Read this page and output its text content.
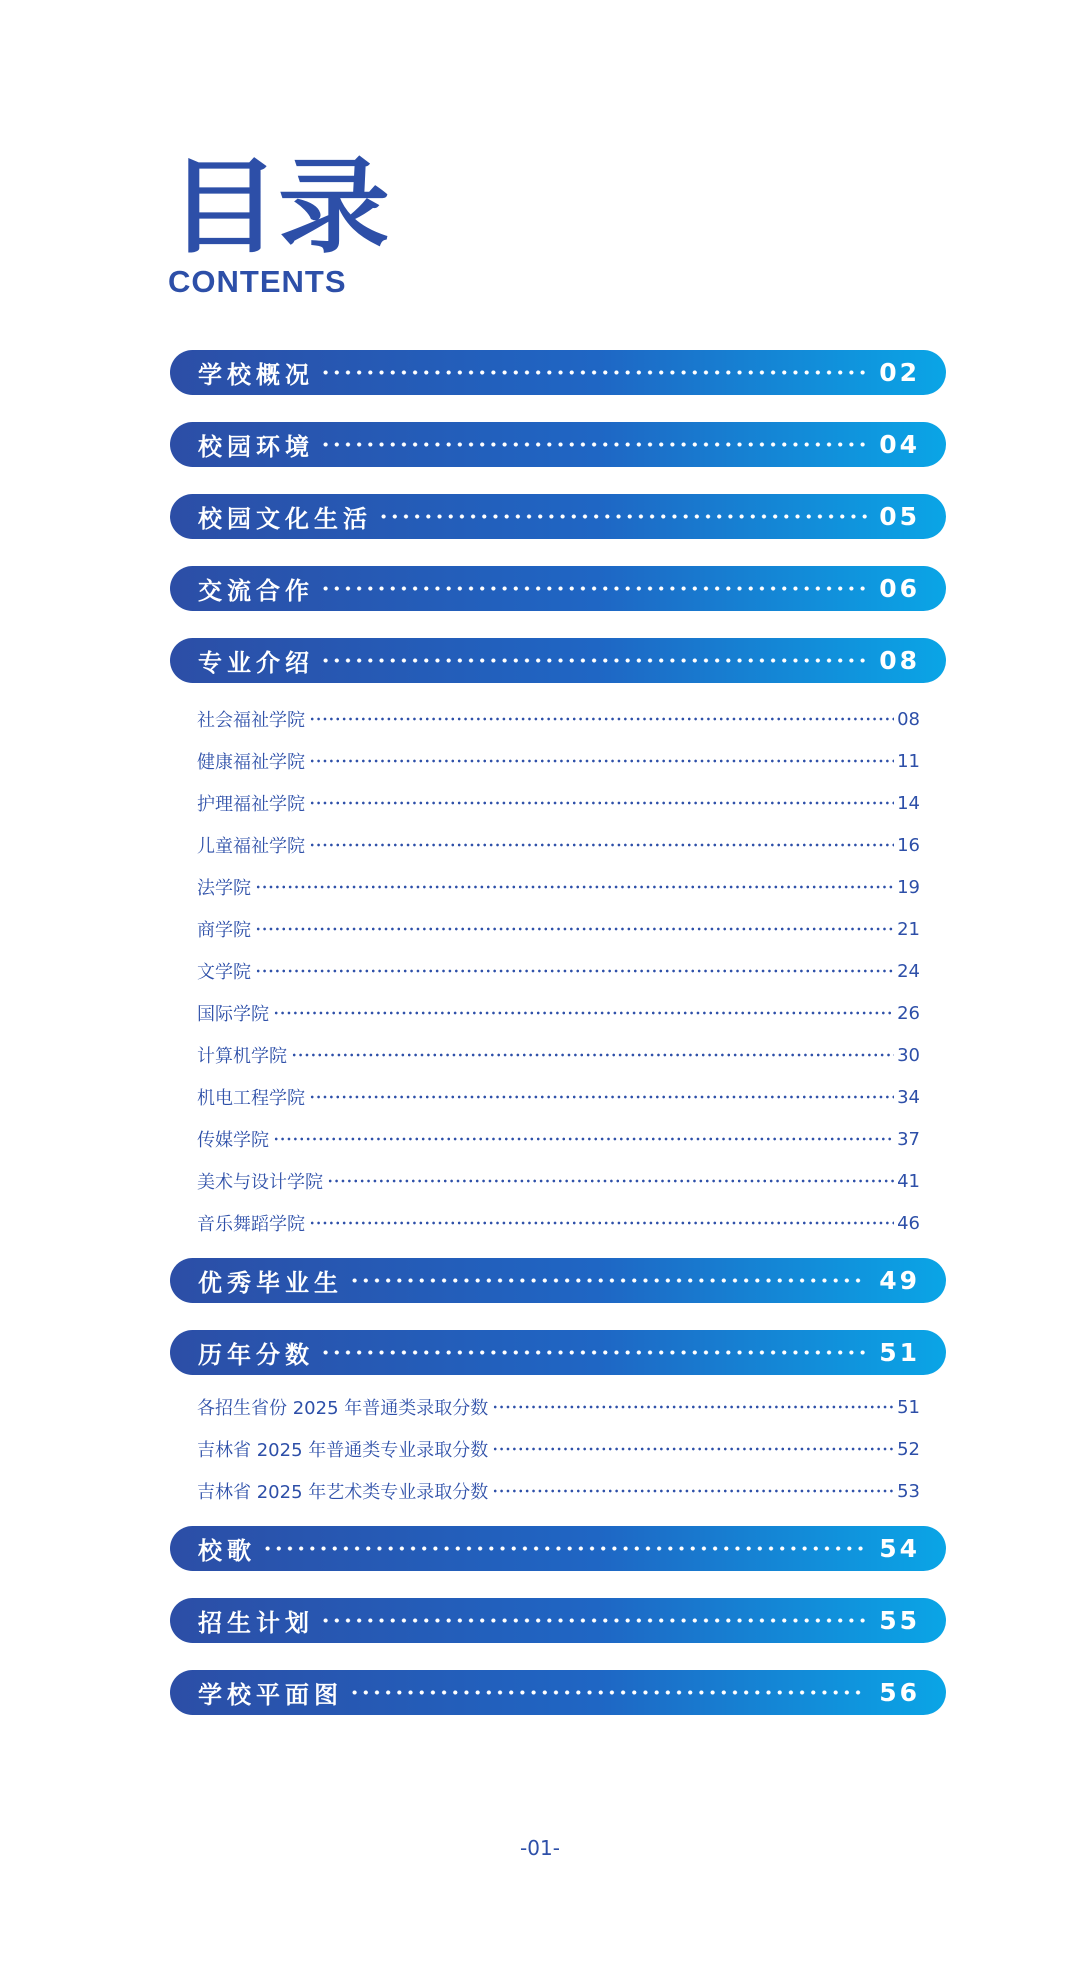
目录
CONTENTS
学校概况	02
校园环境	04
校园文化生活	05
交流合作	06
专业介绍	08
社会福祉学院	08
健康福祉学院	11
护理福祉学院	14
儿童福祉学院	16
法学院	19
商学院	21
文学院	24
国际学院	26
计算机学院	30
机电工程学院	34
传媒学院	37
美术与设计学院	41
音乐舞蹈学院	46
优秀毕业生	49
历年分数	51
各招生省份 2025 年普通类录取分数	51
吉林省 2025 年普通类专业录取分数	52
吉林省 2025 年艺术类专业录取分数	53
校歌	54
招生计划	55
学校平面图	56
-01-
